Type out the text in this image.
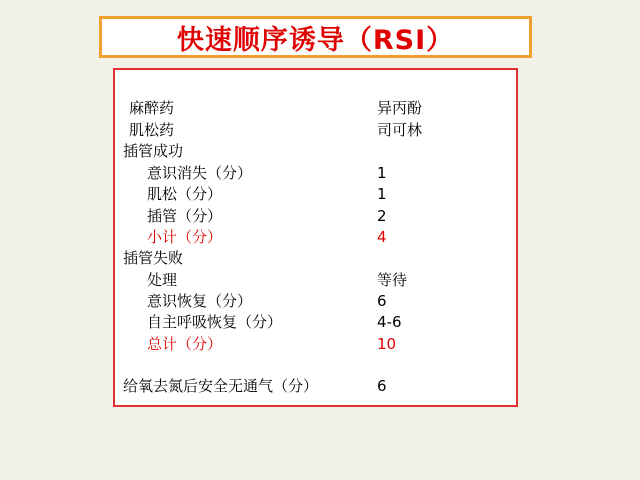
快速顺序诱导（RSI）
麻醉药	异丙酚
肌松药	司可林
插管成功
意识消失（分）	1
肌松（分）	1
插管（分）	2
小计（分）	4
插管失败
处理	等待
意识恢复（分）	6
自主呼吸恢复（分）	4-6
总计（分）	10
给氧去氮后安全无通气（分）	6
